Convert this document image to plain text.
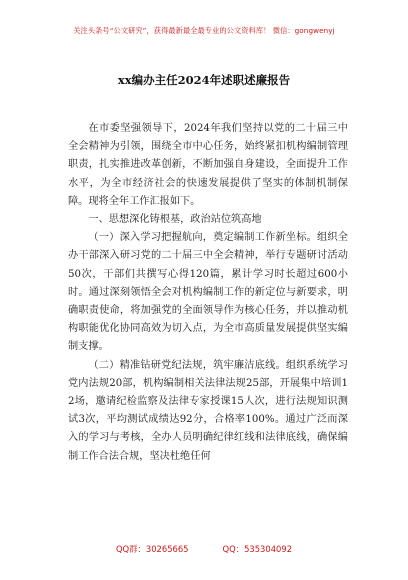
关注头条号“公文研究”，获得最新最全最专业的公文资料库！ 微信：gongwenyj
xx编办主任2024年述职述廉报告

在市委坚强领导下，2024年我们坚持以党的二十届三中全会精神为引领，围绕全市中心任务，始终紧扣机构编制管理职责，扎实推进改革创新，不断加强自身建设，全面提升工作水平，为全市经济社会的快速发展提供了坚实的体制机制保障。现将全年工作汇报如下。

一、思想深化铸根基，政治站位筑高地

（一）深入学习把握航向，奠定编制工作新坐标。组织全办干部深入研习党的二十届三中全会精神，举行专题研讨活动50次，干部们共撰写心得120篇，累计学习时长超过600小时。通过深刻领悟全会对机构编制工作的新定位与新要求，明确职责使命，将加强党的全面领导作为核心任务，并以推动机构职能优化协同高效为切入点，为全市高质量发展提供坚实编制支撑。

（二）精准钻研党纪法规，筑牢廉洁底线。组织系统学习党内法规20部，机构编制相关法律法规25部，开展集中培训12场，邀请纪检监察及法律专家授课15人次，进行法规知识测试3次，平均测试成绩达92分，合格率100%。通过广泛而深入的学习与考核，全办人员明确纪律红线和法律底线，确保编制工作合法合规，坚决杜绝任何

QQ群：30265665	QQ：535304092
